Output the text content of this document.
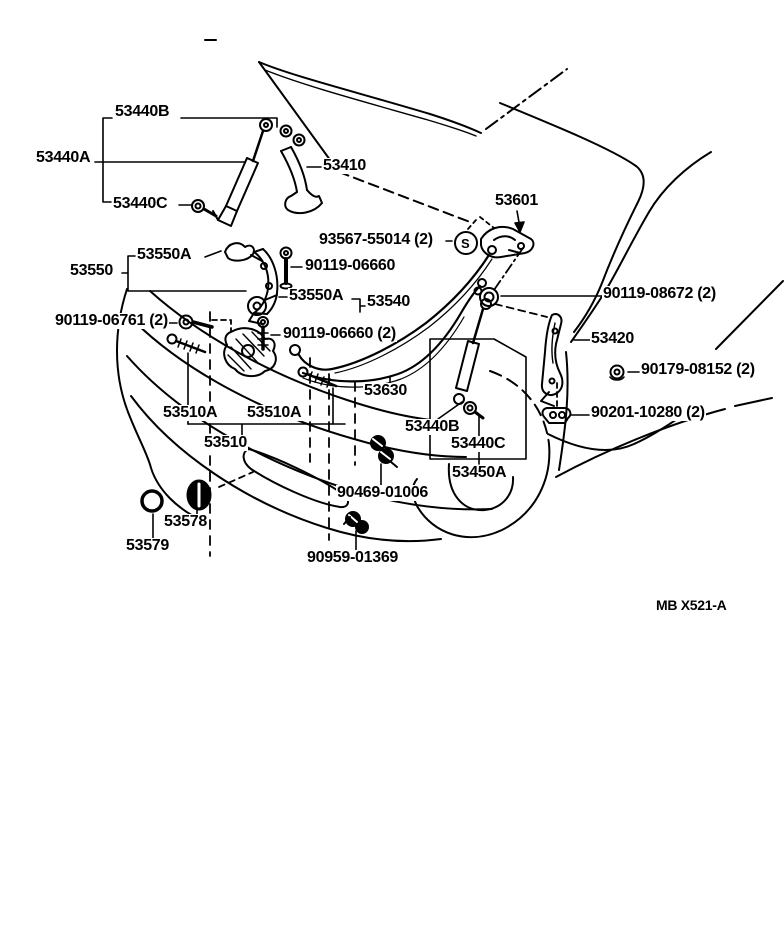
53440B
53440A
53440C
53410
53601
93567-55014 (2) S
90119-06660
53550A
53550
53550A 53540
90119-06761 (2)
90119-06660 (2)
90119-08672 (2)
53420
90179-08152 (2)
53630
90201-10280 (2)
53510A 53510A
53510
53440B
53440C
53450A
90469-01006
53578
53579
90959-01369
MB X521-A
